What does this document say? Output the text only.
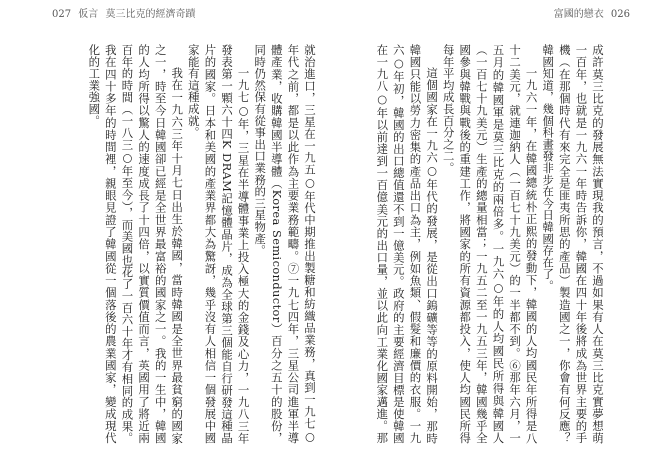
027 仮言 莫三比克的經濟奇蹟	富國的戀衣 026

就治進口，三星在一九五○年代中期推出製糖和紡織品業務，真到一九七○年代之前，都是以此作為主要業務範疇。⑦一九七四年，三星公司進軍半導體產業，收購韓國半導體（Korea Semiconductor）百分之五十的股份，同時仍然保有從事出口業務的三星物產。

一九七○年，三星在半導體事業上投入極大的金錢及心力，一九八三年發表第一顆六十四K DRAM記憶體晶片，成為全球第三個能自行研發這種晶片的國家。日本和美國的產業界都大為驚訝，幾乎沒有人相信一個發展中國家能有這種成就。

我在一九六三年十月七日出生於韓國，當時韓國是全世界最貧窮的國家之一，時至今日韓國卻已經是全世界最富裕的國家之一。我的一生中，韓國的人均所得以驚人的速度成長了十四倍，以實質價值而言，英國用了將近兩百年的時間（一八三○年至今），而美國也花了一百六十年才有相同的成果。我在四十多年的時間裡，親眼見證了韓國從一個落後的農業國家，變成現代化的工業強國。	成許莫三比克的發展無法實現我的預言，不過如果有人在莫三比克實夢想萌一百年，也就是一九六一年時告訴你，韓國在四十年後將成為世界主要的手機（在那個時代有來完全是匪夷所思的產品）製造國之一，你會有何反應？韓國知道，幾個科畫發非步在今日韓國存在了。

一九六一年，在韓國總統朴正熙的發動下，韓國的人均國民年所得是八十二美元，就連迦納人（一百七十九美元）的一半都不到。⑥那年六月，一五月的韓國軍是莫三比克的兩倍多。一九六○年的人均國民所得與韓國人（一百七十九美元）生產的總量相當；一九五二至一九五三年，韓國幾乎全國參與韓戰與戰後的重建工作，將國家的所有資源都投入，使人均國民所得每年平均成長百分之二。

這個國家在一九六○年代的發展，是從出口鎢礦等等的原料開始，那時韓國只能以勞力密集的產品出口為主，例如魚類、假髮和廉價的衣服。一九六○年初，韓國的出口總值還不到一億美元。政府的主要經濟目標是使韓國在一九八○年以前達到一百億美元的出口量，並以此向工業化國家邁進。那
